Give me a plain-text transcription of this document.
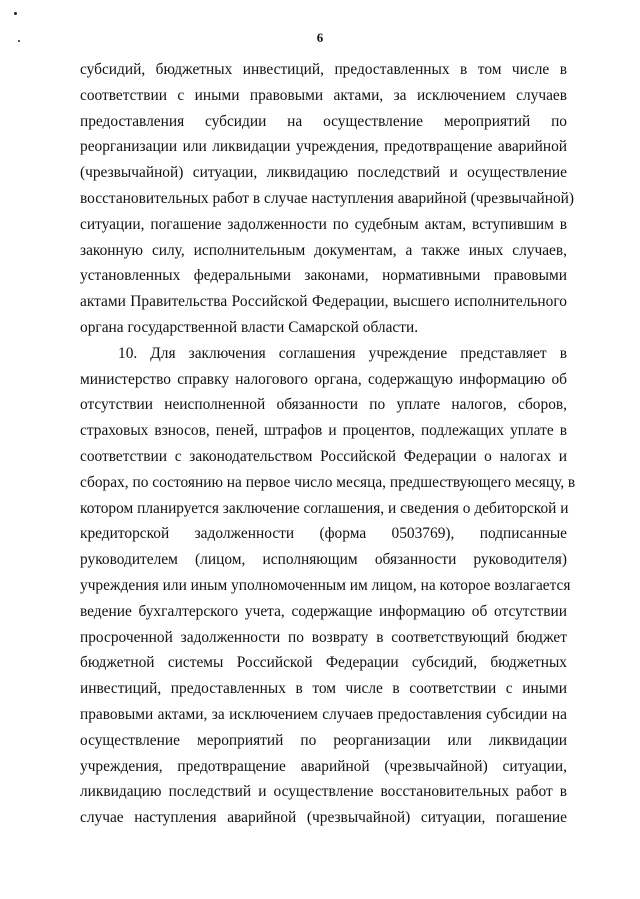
6
субсидий, бюджетных инвестиций, предоставленных в том числе в
соответствии с иными правовыми актами, за исключением случаев
предоставления субсидии на осуществление мероприятий по
реорганизации или ликвидации учреждения, предотвращение аварийной
(чрезвычайной) ситуации, ликвидацию последствий и осуществление
восстановительных работ в случае наступления аварийной (чрезвычайной)
ситуации, погашение задолженности по судебным актам, вступившим в
законную силу, исполнительным документам, а также иных случаев,
установленных федеральными законами, нормативными правовыми
актами Правительства Российской Федерации, высшего исполнительного
органа государственной власти Самарской области.
10. Для заключения соглашения учреждение представляет в
министерство справку налогового органа, содержащую информацию об
отсутствии неисполненной обязанности по уплате налогов, сборов,
страховых взносов, пеней, штрафов и процентов, подлежащих уплате в
соответствии с законодательством Российской Федерации о налогах и
сборах, по состоянию на первое число месяца, предшествующего месяцу, в
котором планируется заключение соглашения, и сведения о дебиторской и
кредиторской задолженности (форма 0503769), подписанные
руководителем (лицом, исполняющим обязанности руководителя)
учреждения или иным уполномоченным им лицом, на которое возлагается
ведение бухгалтерского учета, содержащие информацию об отсутствии
просроченной задолженности по возврату в соответствующий бюджет
бюджетной системы Российской Федерации субсидий, бюджетных
инвестиций, предоставленных в том числе в соответствии с иными
правовыми актами, за исключением случаев предоставления субсидии на
осуществление мероприятий по реорганизации или ликвидации
учреждения, предотвращение аварийной (чрезвычайной) ситуации,
ликвидацию последствий и осуществление восстановительных работ в
случае наступления аварийной (чрезвычайной) ситуации, погашение
